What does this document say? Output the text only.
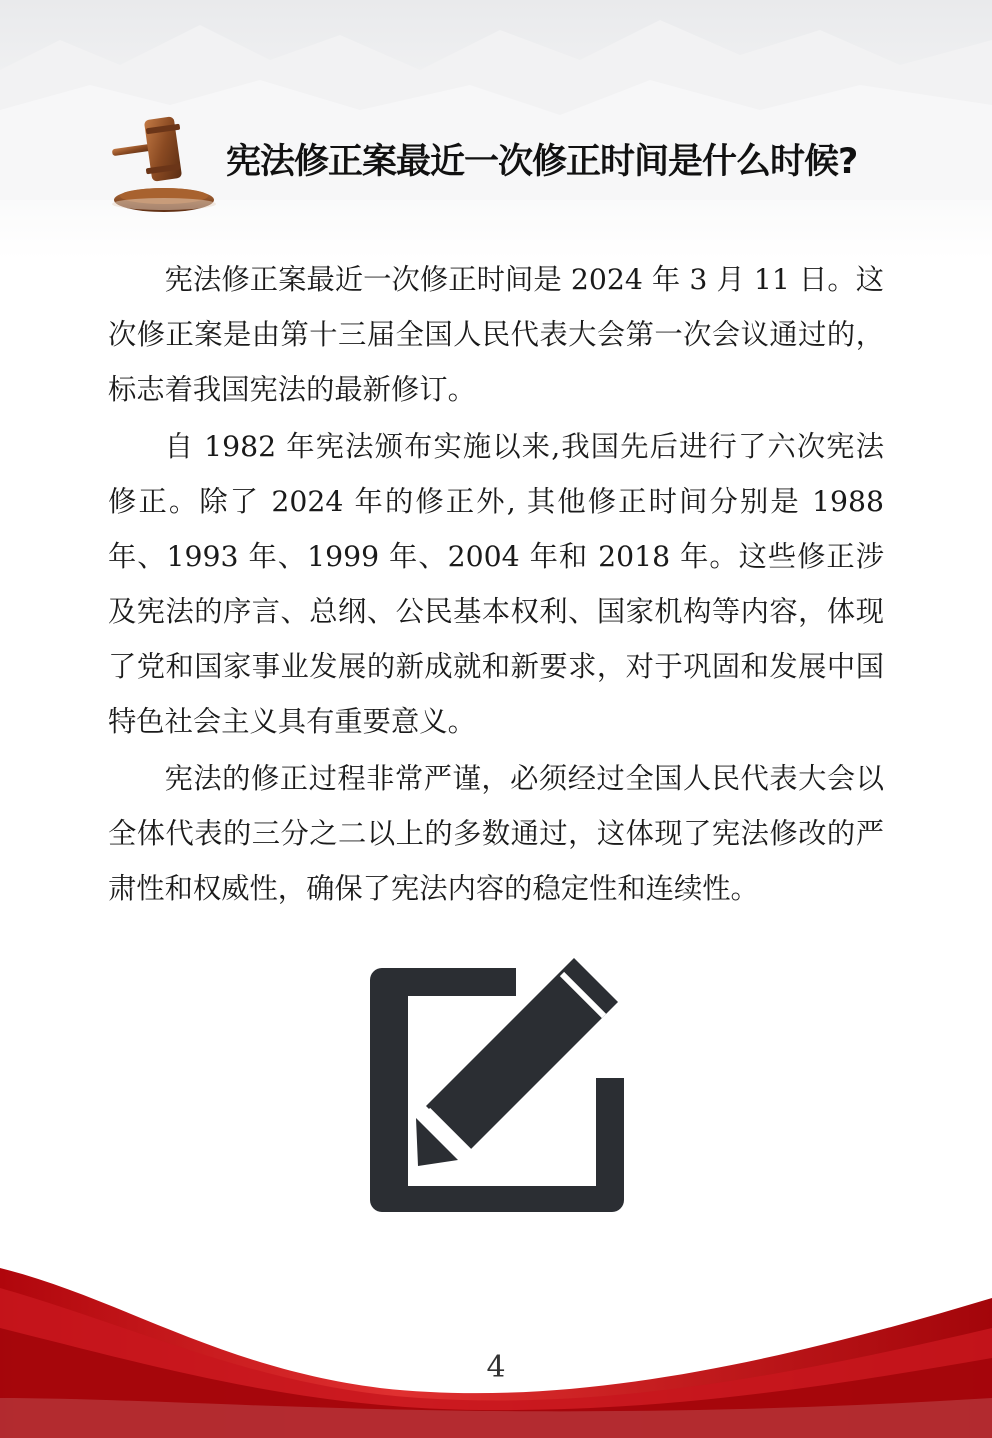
宪法修正案最近一次修正时间是什么时候?

宪法修正案最近一次修正时间是 2024 年 3 月 11 日。这次修正案是由第十三届全国人民代表大会第一次会议通过的，标志着我国宪法的最新修订。

自 1982 年宪法颁布实施以来,我国先后进行了六次宪法修正。除了 2024 年的修正外, 其他修正时间分别是 1988 年、1993 年、1999 年、2004 年和 2018 年。这些修正涉及宪法的序言、总纲、公民基本权利、国家机构等内容，体现了党和国家事业发展的新成就和新要求，对于巩固和发展中国特色社会主义具有重要意义。

宪法的修正过程非常严谨，必须经过全国人民代表大会以全体代表的三分之二以上的多数通过，这体现了宪法修改的严肃性和权威性，确保了宪法内容的稳定性和连续性。

4
